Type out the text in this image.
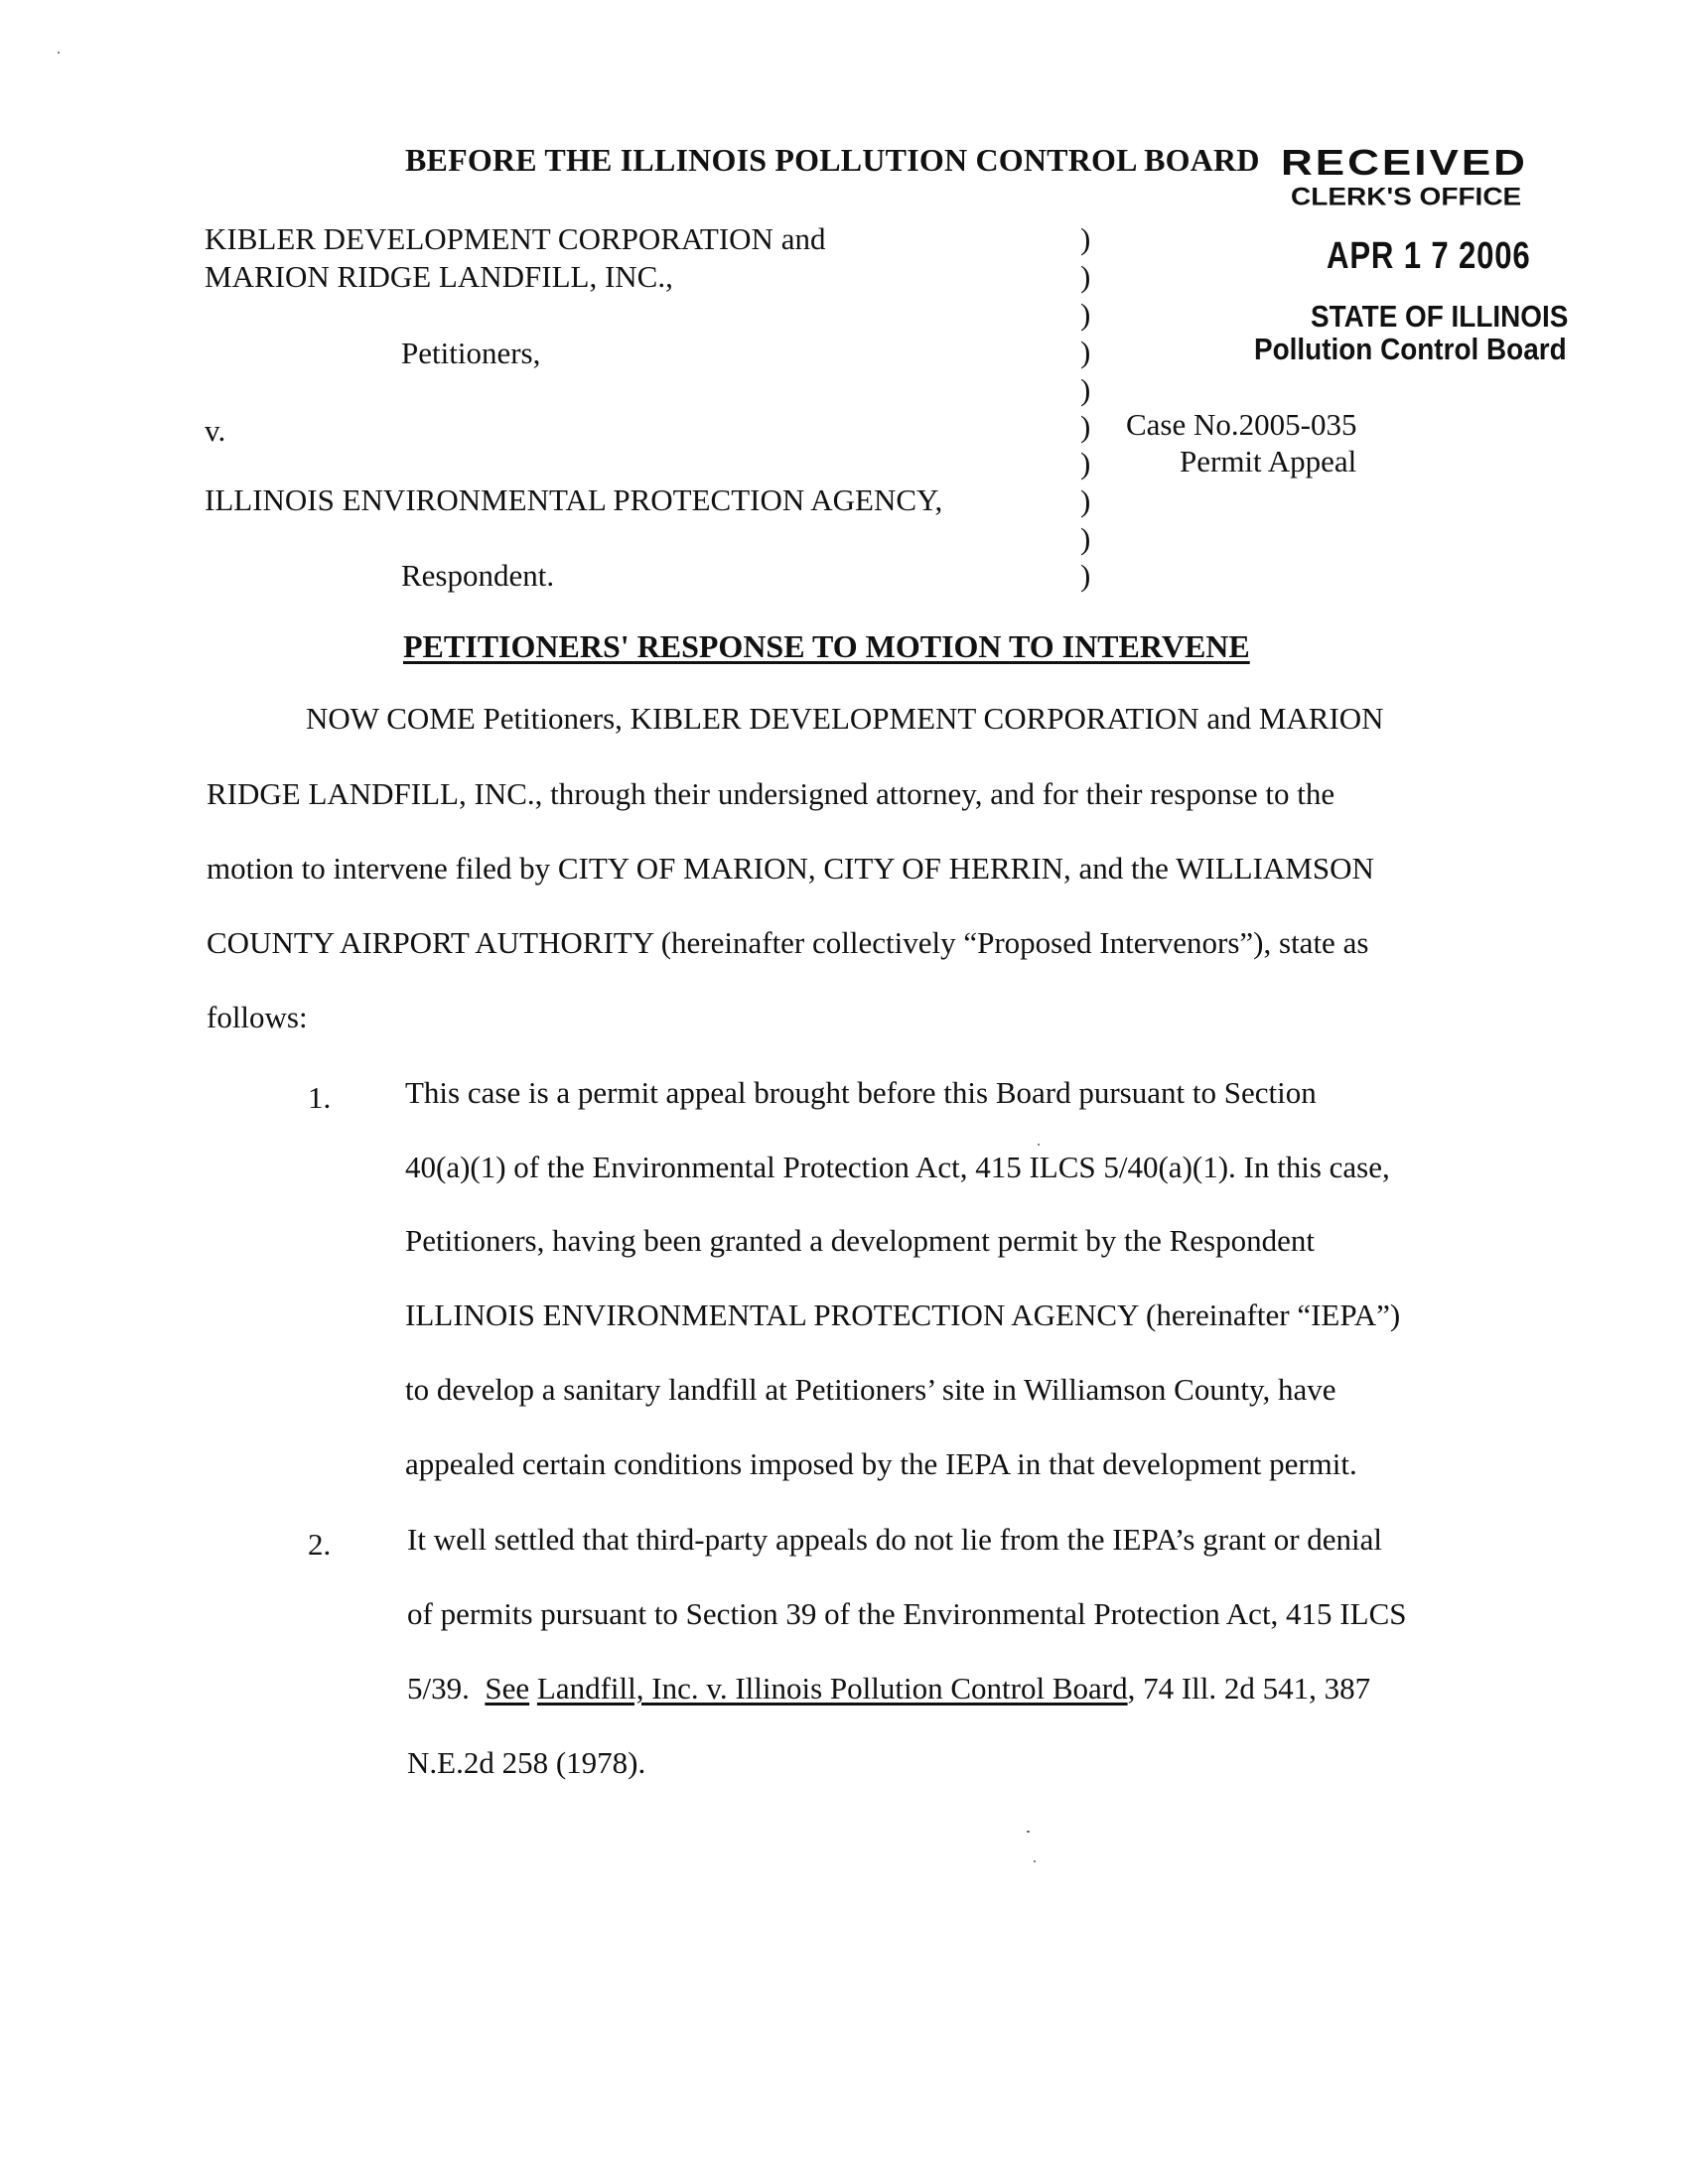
BEFORE THE ILLINOIS POLLUTION CONTROL BOARD RECEIVED
CLERK'S OFFICE
APR 1 7 2006
STATE OF ILLINOIS
Pollution Control Board
KIBLER DEVELOPMENT CORPORATION and
MARION RIDGE LANDFILL, INC.,
Petitioners,
v.
ILLINOIS ENVIRONMENTAL PROTECTION AGENCY,
Respondent.
)
)
)
)
)
)
)
)
)
)
Case No.2005-035
Permit Appeal
PETITIONERS' RESPONSE TO MOTION TO INTERVENE
NOW COME Petitioners, KIBLER DEVELOPMENT CORPORATION and MARION
RIDGE LANDFILL, INC., through their undersigned attorney, and for their response to the
motion to intervene filed by CITY OF MARION, CITY OF HERRIN, and the WILLIAMSON
COUNTY AIRPORT AUTHORITY (hereinafter collectively “Proposed Intervenors”), state as
follows:
1. This case is a permit appeal brought before this Board pursuant to Section
40(a)(1) of the Environmental Protection Act, 415 ILCS 5/40(a)(1). In this case,
Petitioners, having been granted a development permit by the Respondent
ILLINOIS ENVIRONMENTAL PROTECTION AGENCY (hereinafter “IEPA”)
to develop a sanitary landfill at Petitioners’ site in Williamson County, have
appealed certain conditions imposed by the IEPA in that development permit.
2. It well settled that third-party appeals do not lie from the IEPA’s grant or denial
of permits pursuant to Section 39 of the Environmental Protection Act, 415 ILCS
5/39.  See Landfill, Inc. v. Illinois Pollution Control Board, 74 Ill. 2d 541, 387
N.E.2d 258 (1978).
